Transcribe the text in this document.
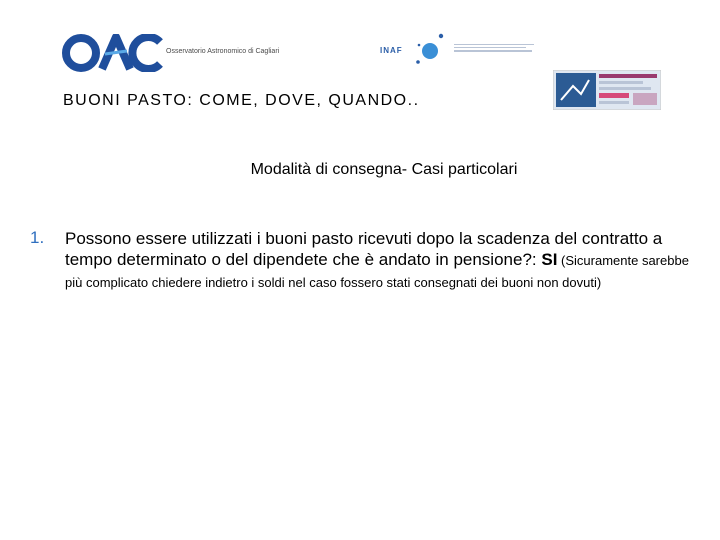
Osservatorio Astronomico di Cagliari	INAF
BUONI PASTO: COME, DOVE, QUANDO..
Modalità di consegna- Casi particolari
1. Possono essere utilizzati i buoni pasto ricevuti dopo la scadenza del contratto a tempo determinato o del dipendete che è andato in pensione?: SI (Sicuramente sarebbe più complicato chiedere indietro i soldi nel caso fossero stati consegnati dei buoni non dovuti)
